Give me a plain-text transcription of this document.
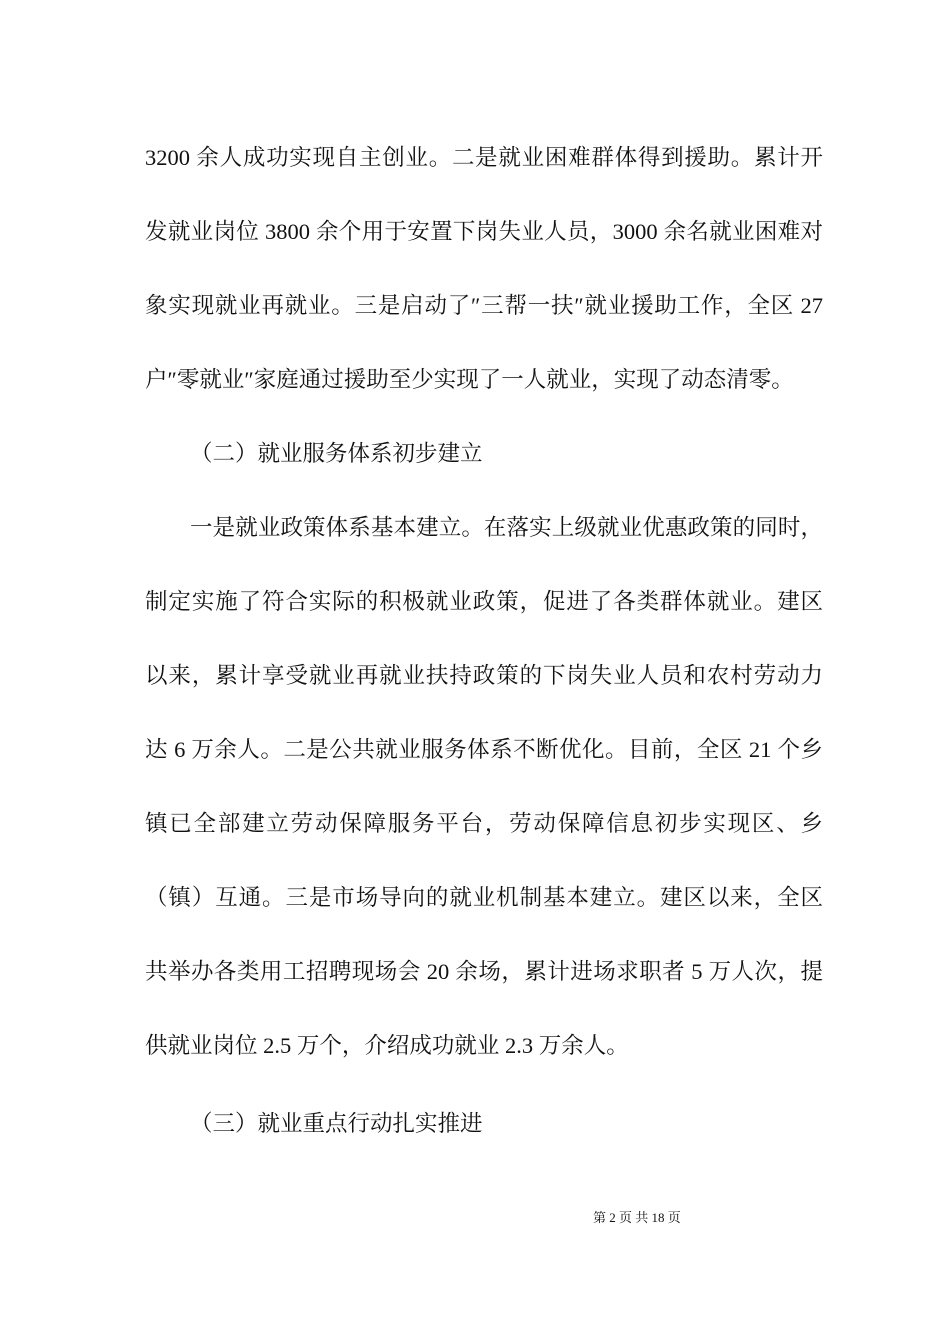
3200 余人成功实现自主创业。二是就业困难群体得到援助。累计开
发就业岗位 3800 余个用于安置下岗失业人员，3000 余名就业困难对
象实现就业再就业。三是启动了″三帮一扶″就业援助工作，全区 27
户″零就业″家庭通过援助至少实现了一人就业，实现了动态清零。
（二）就业服务体系初步建立
一是就业政策体系基本建立。在落实上级就业优惠政策的同时，
制定实施了符合实际的积极就业政策，促进了各类群体就业。建区
以来，累计享受就业再就业扶持政策的下岗失业人员和农村劳动力
达 6 万余人。二是公共就业服务体系不断优化。目前，全区 21 个乡
镇已全部建立劳动保障服务平台，劳动保障信息初步实现区、乡
（镇）互通。三是市场导向的就业机制基本建立。建区以来，全区
共举办各类用工招聘现场会 20 余场，累计进场求职者 5 万人次，提
供就业岗位 2.5 万个，介绍成功就业 2.3 万余人。
（三）就业重点行动扎实推进
第 2 页 共 18 页
